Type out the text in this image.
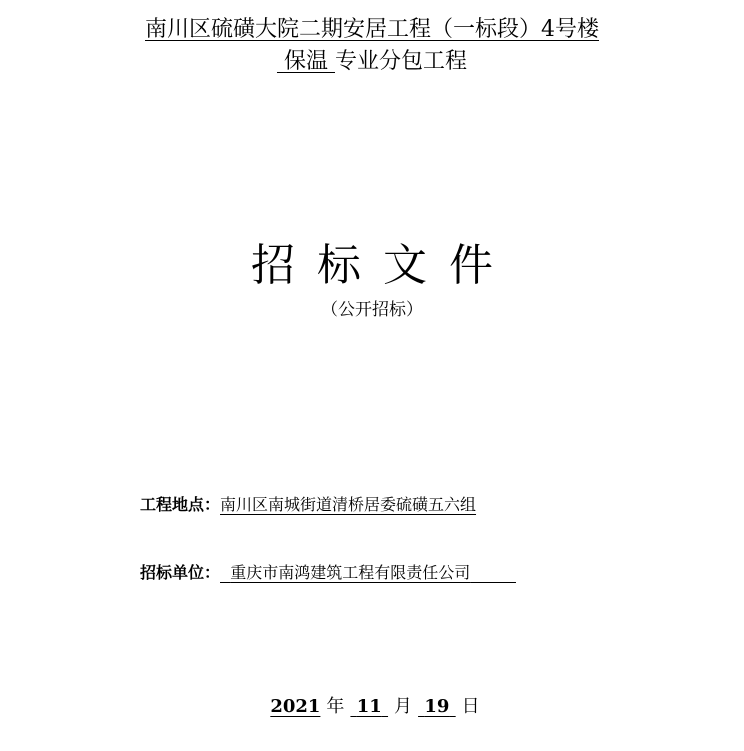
南川区硫磺大院二期安居工程（一标段）4号楼
保温 专业分包工程
招标文件
（公开招标）
工程地点：南川区南城街道清桥居委硫磺五六组
招标单位： 重庆市南鸿建筑工程有限责任公司
2021 年 11 月 19 日
